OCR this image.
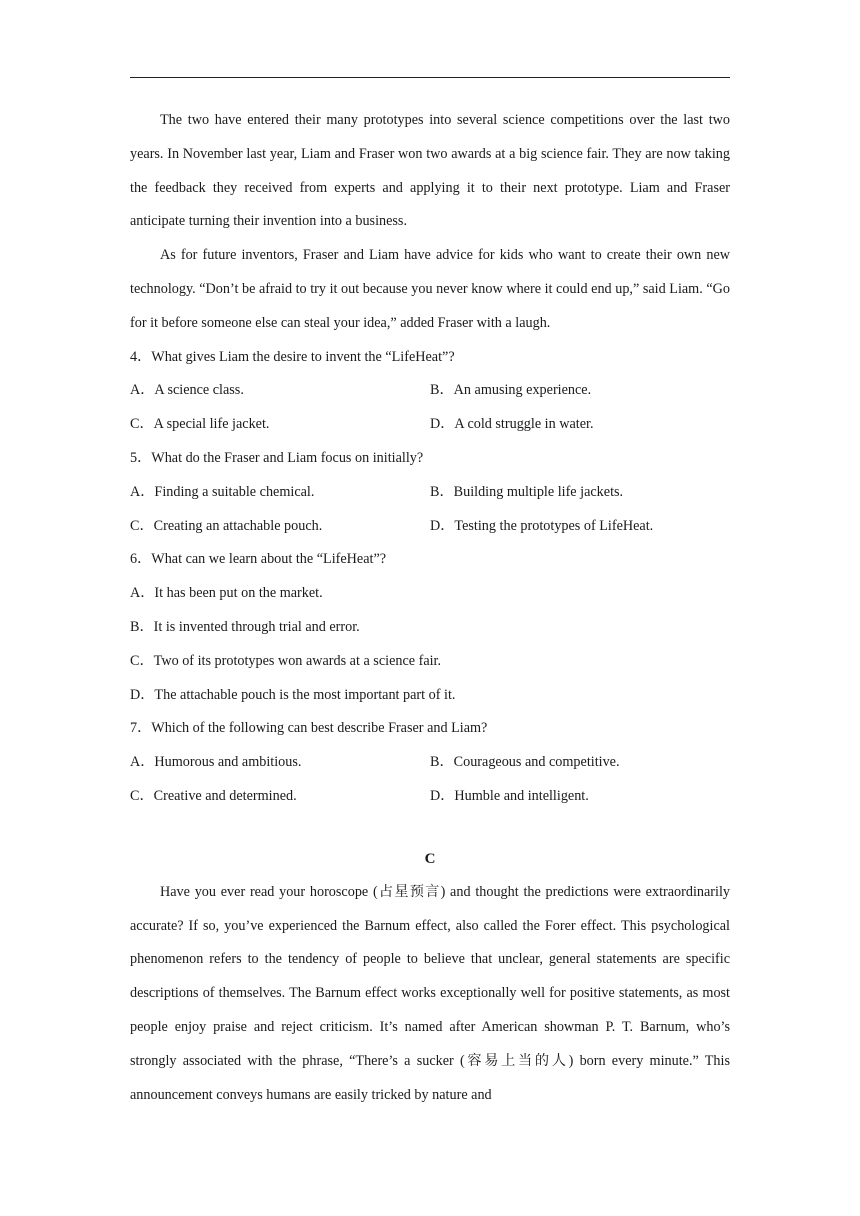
The two have entered their many prototypes into several science competitions over the last two years. In November last year, Liam and Fraser won two awards at a big science fair. They are now taking the feedback they received from experts and applying it to their next prototype. Liam and Fraser anticipate turning their invention into a business.

As for future inventors, Fraser and Liam have advice for kids who want to create their own new technology. “Don’t be afraid to try it out because you never know where it could end up,” said Liam. “Go for it before someone else can steal your idea,” added Fraser with a laugh.

4．What gives Liam the desire to invent the “LifeHeat”?

A．A science class.	B．An amusing experience.

C．A special life jacket.	D．A cold struggle in water.

5．What do the Fraser and Liam focus on initially?

A．Finding a suitable chemical.	B．Building multiple life jackets.

C．Creating an attachable pouch.	D．Testing the prototypes of LifeHeat.

6．What can we learn about the “LifeHeat”?

A．It has been put on the market.

B．It is invented through trial and error.

C．Two of its prototypes won awards at a science fair.

D．The attachable pouch is the most important part of it.

7．Which of the following can best describe Fraser and Liam?

A．Humorous and ambitious.	B．Courageous and competitive.

C．Creative and determined.	D．Humble and intelligent.

C

Have you ever read your horoscope (占星预言) and thought the predictions were extraordinarily accurate? If so, you’ve experienced the Barnum effect, also called the Forer effect. This psychological phenomenon refers to the tendency of people to believe that unclear, general statements are specific descriptions of themselves. The Barnum effect works exceptionally well for positive statements, as most people enjoy praise and reject criticism. It’s named after American showman P. T. Barnum, who’s strongly associated with the phrase, “There’s a sucker (容易上当的人) born every minute.” This announcement conveys humans are easily tricked by nature and
